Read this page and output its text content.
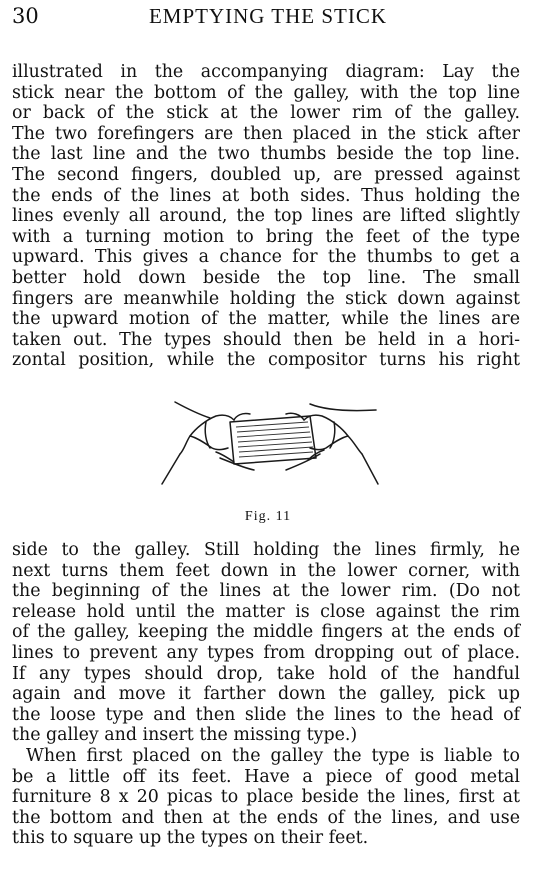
30	EMPTYING THE STICK
illustrated in the accompanying diagram: Lay the
stick near the bottom of the galley, with the top line
or back of the stick at the lower rim of the galley.
The two forefingers are then placed in the stick after
the last line and the two thumbs beside the top line.
The second fingers, doubled up, are pressed against
the ends of the lines at both sides. Thus holding the
lines evenly all around, the top lines are lifted slightly
with a turning motion to bring the feet of the type
upward. This gives a chance for the thumbs to get a
better hold down beside the top line. The small
fingers are meanwhile holding the stick down against
the upward motion of the matter, while the lines are
taken out. The types should then be held in a hori-
zontal position, while the compositor turns his right
Fig. 11
side to the galley. Still holding the lines firmly, he
next turns them feet down in the lower corner, with
the beginning of the lines at the lower rim. (Do not
release hold until the matter is close against the rim
of the galley, keeping the middle fingers at the ends of
lines to prevent any types from dropping out of place.
If any types should drop, take hold of the handful
again and move it farther down the galley, pick up
the loose type and then slide the lines to the head of
the galley and insert the missing type.)
When first placed on the galley the type is liable to
be a little off its feet. Have a piece of good metal
furniture 8 x 20 picas to place beside the lines, first at
the bottom and then at the ends of the lines, and use
this to square up the types on their feet.
